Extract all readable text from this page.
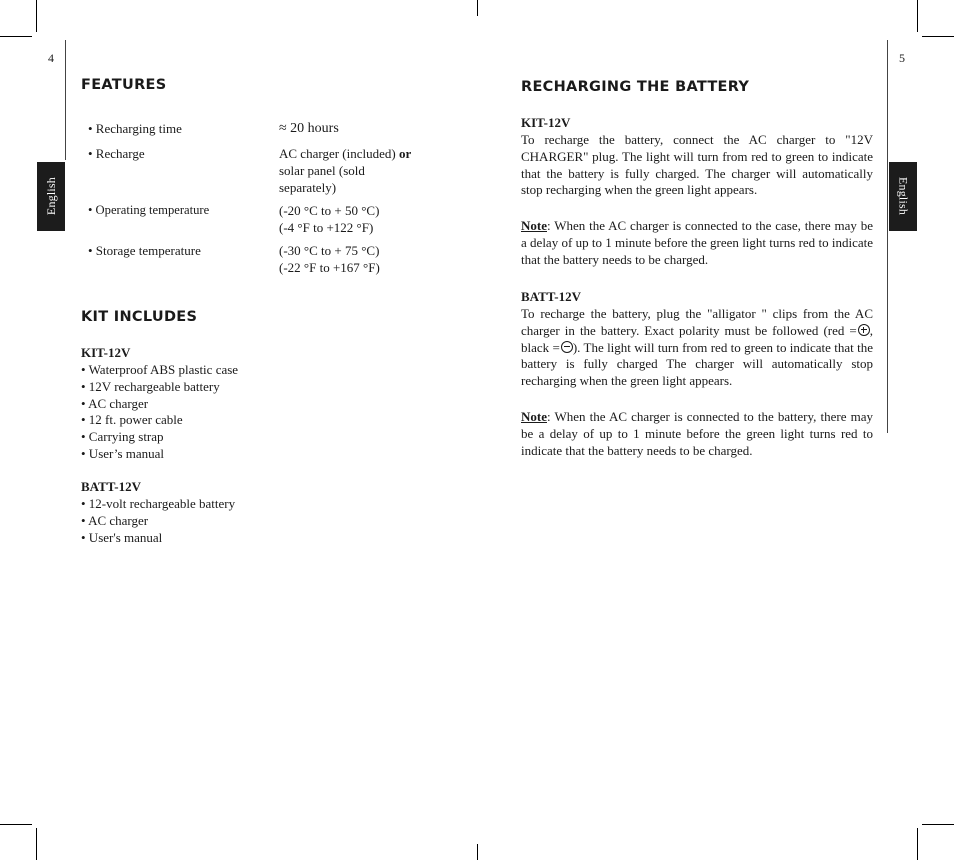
4	5
English	English
FEATURES
• Recharging time	≈ 20 hours
• Recharge	AC charger (included) or
solar panel (sold
separately)
• Operating temperature	(-20 °C to + 50 °C)
(-4 °F to +122 °F)
• Storage temperature	(-30 °C to + 75 °C)
(-22 °F to +167 °F)
KIT INCLUDES
KIT-12V
• Waterproof ABS plastic case
• 12V rechargeable battery
• AC charger
• 12 ft. power cable
• Carrying strap
• User’s manual
BATT-12V
• 12-volt rechargeable battery
• AC charger
• User's manual
RECHARGING THE BATTERY
KIT-12V

To recharge the battery, connect the AC charger to "12V CHARGER" plug. The light will turn from red to green to indicate that the battery is fully charged. The charger will automatically stop recharging when the green light appears.

Note: When the AC charger is connected to the case, there may be a delay of up to 1 minute before the green light turns red to indicate that the battery needs to be charged.

BATT-12V

To recharge the battery, plug the "alligator " clips from the AC charger in the battery. Exact polarity must be followed (red = , black = ). The light will turn from red to green to indicate that the battery is fully charged The charger will automatically stop recharging when the green light appears.

Note: When the AC charger is connected to the battery, there may be a delay of up to 1 minute before the green light turns red to indicate that the battery needs to be charged.
